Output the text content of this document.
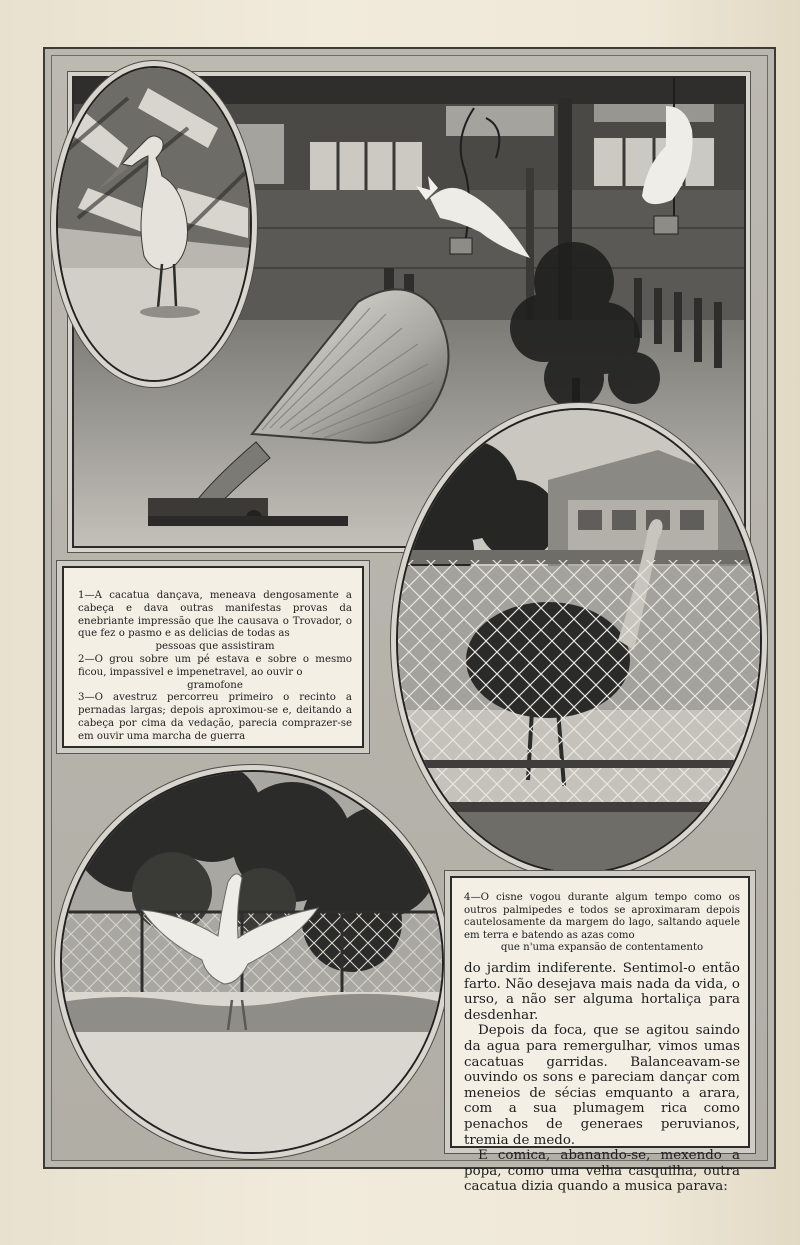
1—A cacatua dançava, meneava dengosamente a cabeça e dava outras manifestas provas da enebriante impressão que lhe causava o Trovador, o que fez o pasmo e as delicias de todas as

pessoas que assistiram

2—O grou sobre um pé estava e sobre o mesmo ficou, impassivel e impenetravel, ao ouvir o

gramofone

3—O avestruz percorreu primeiro o recinto a pernadas largas; depois aproximou-se e, deitando a cabeça por cima da vedação, parecia comprazer-se em ouvir uma marcha de guerra

4—O cisne vogou durante algum tempo como os outros palmipedes e todos se aproximaram depois cautelosamente da margem do lago, saltando aquele em terra e batendo as azas como
que n'uma expansão de contentamento

do jardim indiferente. Sentimol-o então farto. Não desejava mais nada da vida, o urso, a não ser alguma hortaliça para desdenhar.

Depois da foca, que se agitou saindo da agua para remergulhar, vimos umas cacatuas garridas. Balanceavam-se ouvindo os sons e pareciam dançar com meneios de sécias emquanto a arara, com a sua plumagem rica como penachos de generaes peruvianos, tremia de medo.

E comica, abanando-se, mexendo a popa, como uma velha casquilha, outra cacatua dizia quando a musica parava:
